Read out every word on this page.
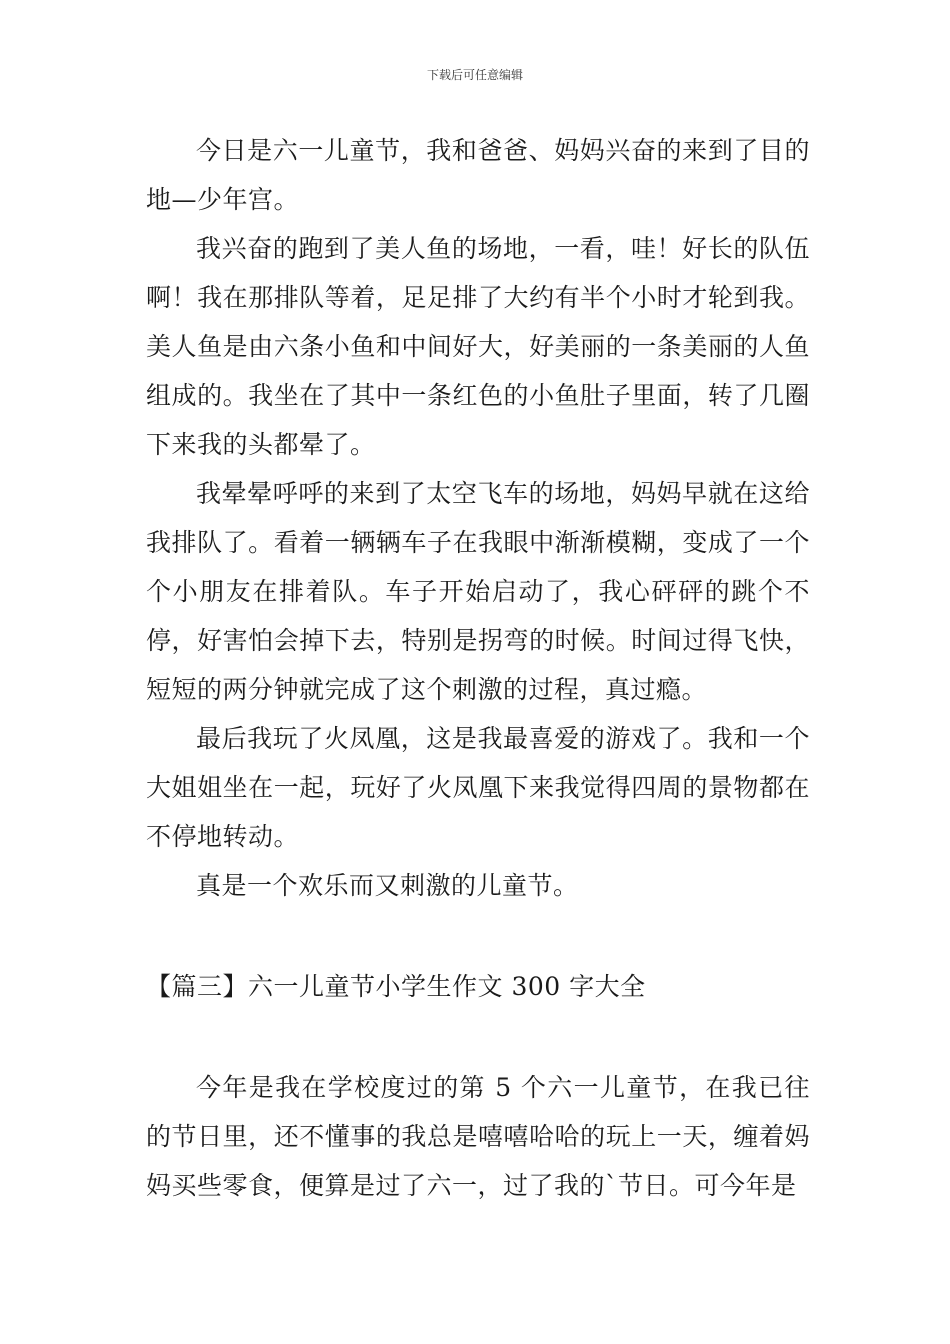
下载后可任意编辑

今日是六一儿童节，我和爸爸、妈妈兴奋的来到了目的地—少年宫。

我兴奋的跑到了美人鱼的场地，一看，哇！好长的队伍啊！我在那排队等着，足足排了大约有半个小时才轮到我。美人鱼是由六条小鱼和中间好大，好美丽的一条美丽的人鱼组成的。我坐在了其中一条红色的小鱼肚子里面，转了几圈下来我的头都晕了。

我晕晕呼呼的来到了太空飞车的场地，妈妈早就在这给我排队了。看着一辆辆车子在我眼中渐渐模糊，变成了一个个小朋友在排着队。车子开始启动了，我心砰砰的跳个不停，好害怕会掉下去，特别是拐弯的时候。时间过得飞快，短短的两分钟就完成了这个刺激的过程，真过瘾。

最后我玩了火凤凰，这是我最喜爱的游戏了。我和一个大姐姐坐在一起，玩好了火凤凰下来我觉得四周的景物都在不停地转动。

真是一个欢乐而又刺激的儿童节。

【篇三】六一儿童节小学生作文 300 字大全

今年是我在学校度过的第 5 个六一儿童节，在我已往的节日里，还不懂事的我总是嘻嘻哈哈的玩上一天，缠着妈妈买些零食，便算是过了六一，过了我的`节日。可今年是
